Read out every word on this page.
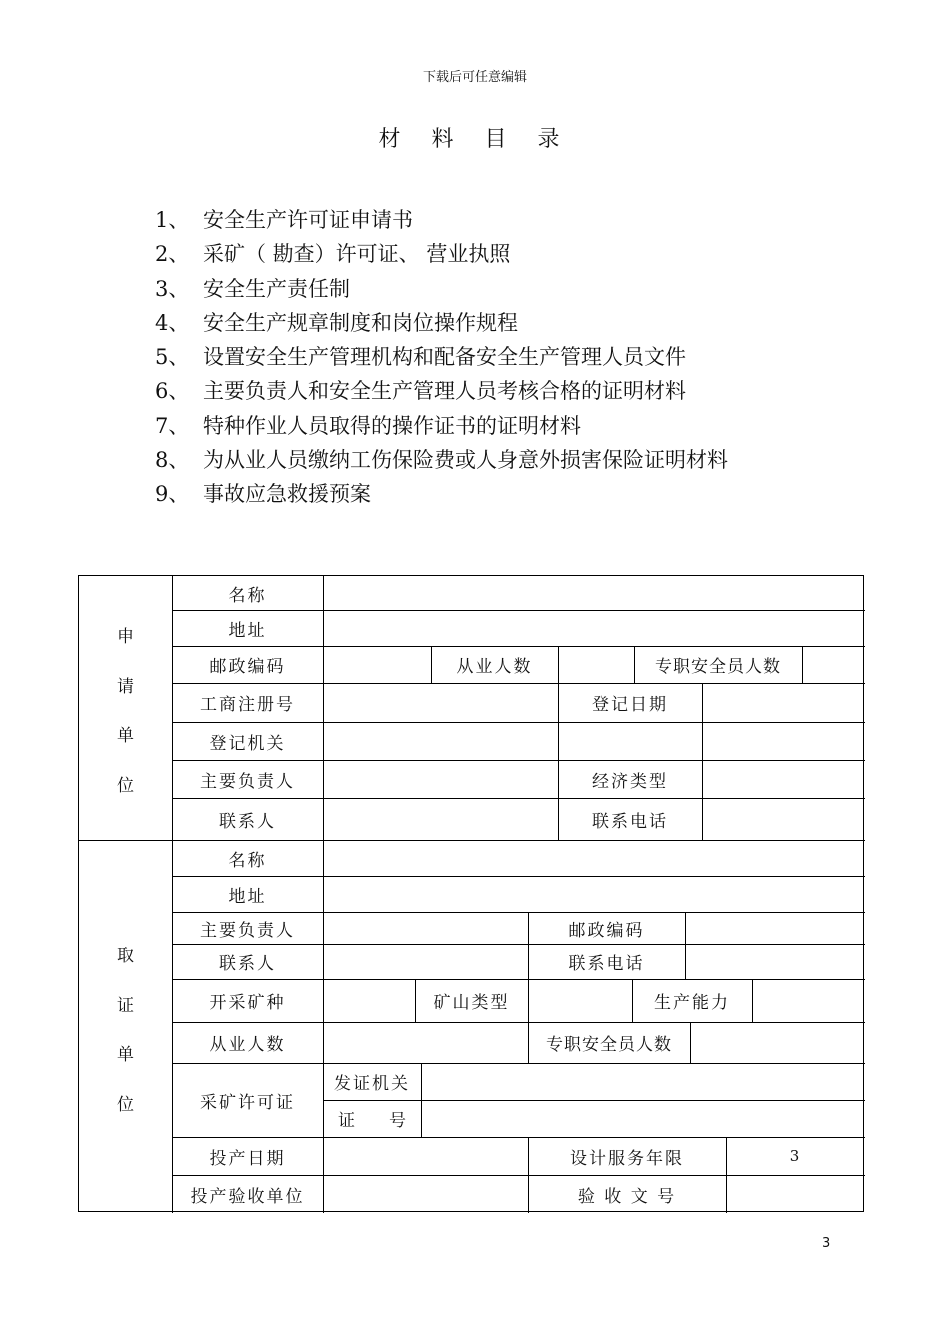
下载后可任意编辑
材 料 目 录
1、 安全生产许可证申请书
2、 采矿（ 勘查）许可证、 营业执照
3、 安全生产责任制
4、 安全生产规章制度和岗位操作规程
5、 设置安全生产管理机构和配备安全生产管理人员文件
6、 主要负责人和安全生产管理人员考核合格的证明材料
7、 特种作业人员取得的操作证书的证明材料
8、 为从业人员缴纳工伤保险费或人身意外损害保险证明材料
9、 事故应急救援预案
申
请
单
位
名称
地址
邮政编码	从业人数	专职安全员人数
工商注册号	登记日期
登记机关
主要负责人	经济类型
联系人	联系电话
取
证
单
位
名称
地址
主要负责人	邮政编码
联系人	联系电话
开采矿种	矿山类型	生产能力
从业人数	专职安全员人数
采矿许可证
发证机关
证　　号
投产日期	设计服务年限	3
投产验收单位	验 收 文 号
3
